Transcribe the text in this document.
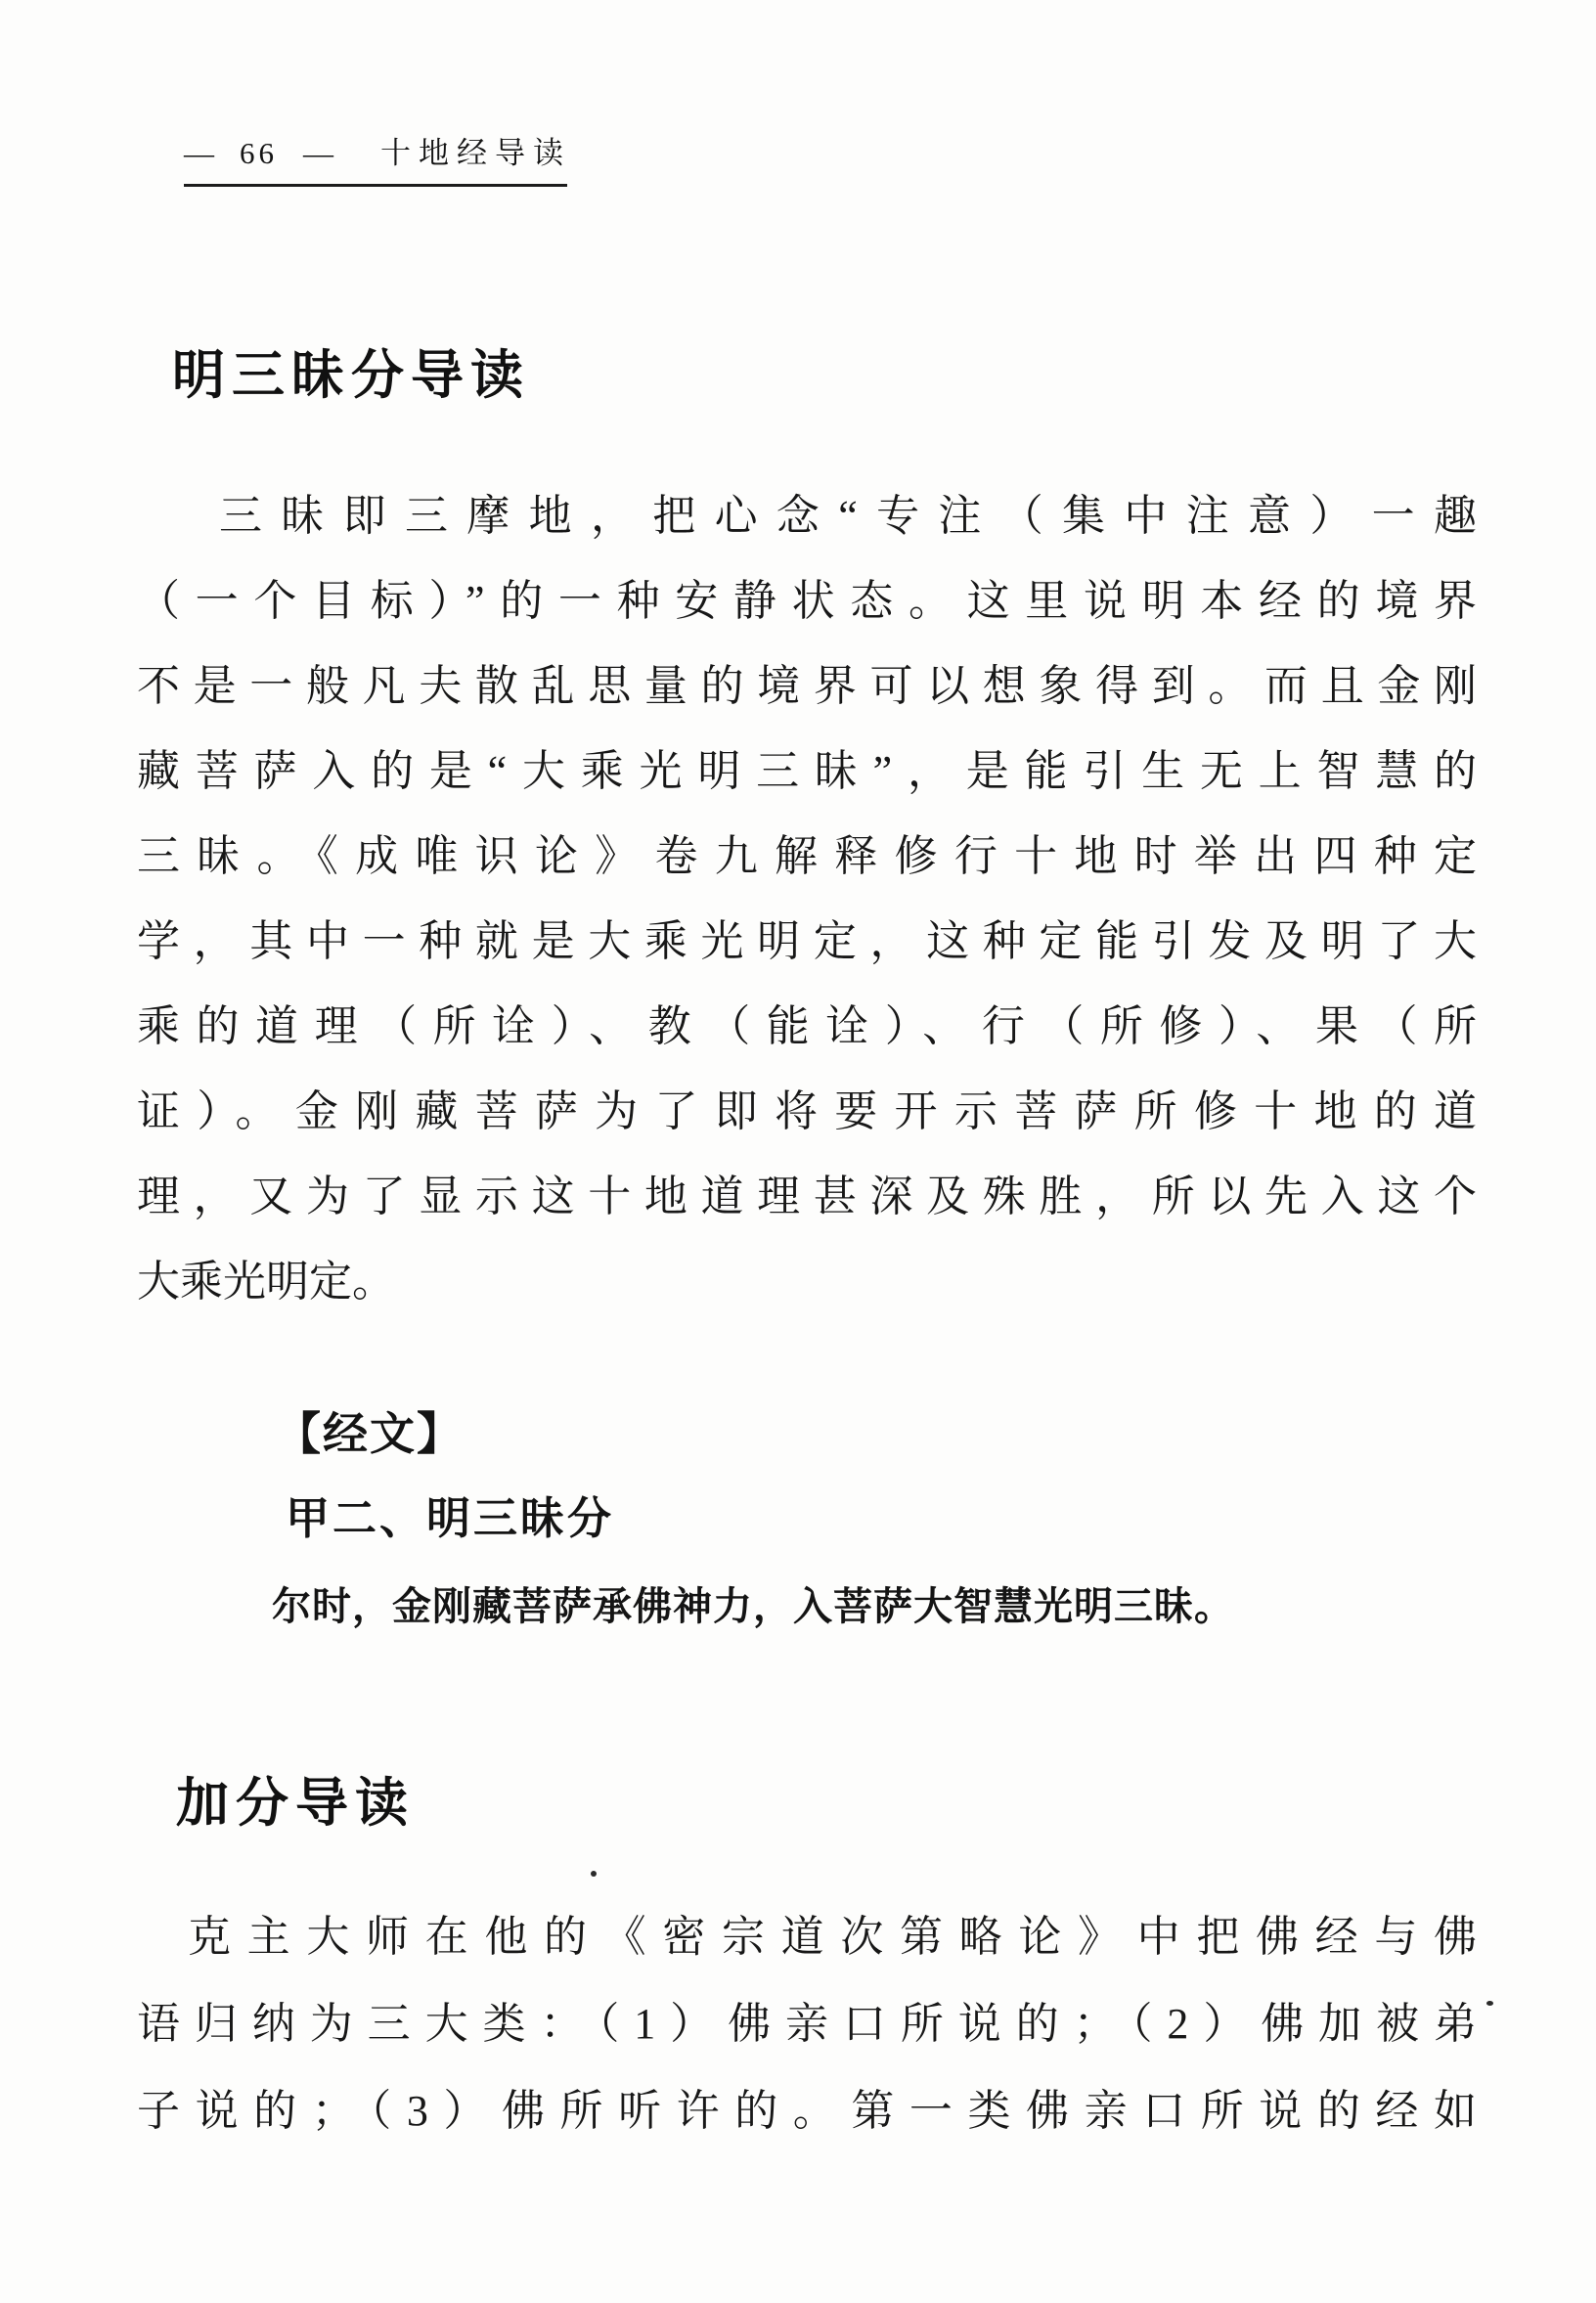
— 66 — 十地经导读
明三昧分导读
三昧即三摩地，把心念“专注（集中注意）一趣
（一个目标）”的一种安静状态。这里说明本经的境界
不是一般凡夫散乱思量的境界可以想象得到。而且金刚
藏菩萨入的是“大乘光明三昧”，是能引生无上智慧的
三昧。《成唯识论》卷九解释修行十地时举出四种定
学，其中一种就是大乘光明定，这种定能引发及明了大
乘的道理（所诠）、教（能诠）、行（所修）、果（所
证）。金刚藏菩萨为了即将要开示菩萨所修十地的道
理，又为了显示这十地道理甚深及殊胜，所以先入这个
大乘光明定。
【经文】
甲二、明三昧分
尔时，金刚藏菩萨承佛神力，入菩萨大智慧光明三昧。
加分导读
克主大师在他的《密宗道次第略论》中把佛经与佛
语归纳为三大类：（1）佛亲口所说的；（2）佛加被弟
子说的；（3）佛所听许的。第一类佛亲口所说的经如
